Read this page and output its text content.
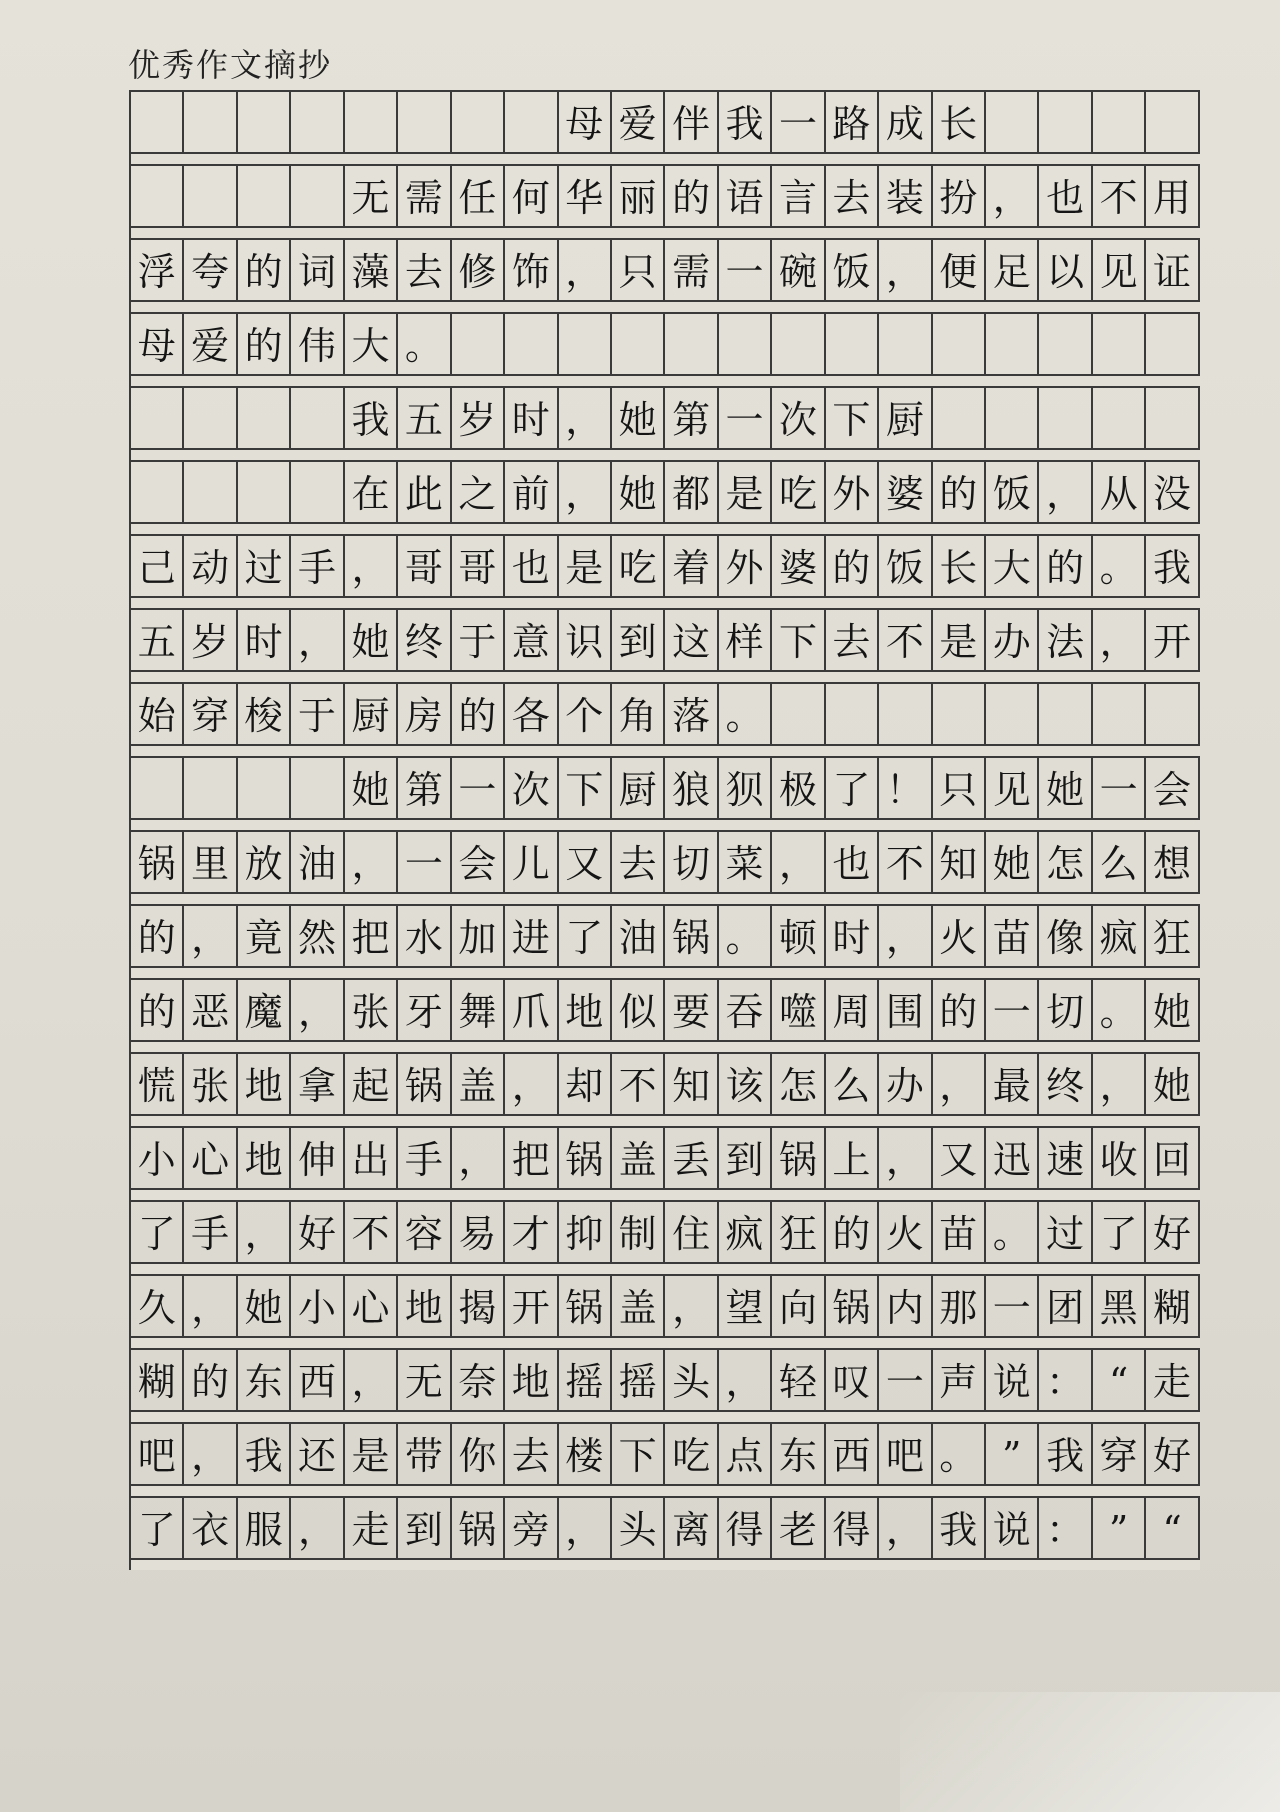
优秀作文摘抄
母 爱 伴 我 一 路 成 长
无 需 任 何 华 丽 的 语 言 去 装 扮 ， 也 不 用
浮 夸 的 词 藻 去 修 饰 ， 只 需 一 碗 饭 ， 便 足 以 见 证
母 爱 的 伟 大 。
我 五 岁 时 ， 她 第 一 次 下 厨
在 此 之 前 ， 她 都 是 吃 外 婆 的 饭 ， 从 没
己 动 过 手 ， 哥 哥 也 是 吃 着 外 婆 的 饭 长 大 的 。 我
五 岁 时 ， 她 终 于 意 识 到 这 样 下 去 不 是 办 法 ， 开
始 穿 梭 于 厨 房 的 各 个 角 落 。
她 第 一 次 下 厨 狼 狈 极 了 ！ 只 见 她 一 会
锅 里 放 油 ， 一 会 儿 又 去 切 菜 ， 也 不 知 她 怎 么 想
的 ， 竟 然 把 水 加 进 了 油 锅 。 顿 时 ， 火 苗 像 疯 狂
的 恶 魔 ， 张 牙 舞 爪 地 似 要 吞 噬 周 围 的 一 切 。 她
慌 张 地 拿 起 锅 盖 ， 却 不 知 该 怎 么 办 ， 最 终 ， 她
小 心 地 伸 出 手 ， 把 锅 盖 丢 到 锅 上 ， 又 迅 速 收 回
了 手 ， 好 不 容 易 才 抑 制 住 疯 狂 的 火 苗 。 过 了 好
久 ， 她 小 心 地 揭 开 锅 盖 ， 望 向 锅 内 那 一 团 黑 糊
糊 的 东 西 ， 无 奈 地 摇 摇 头 ， 轻 叹 一 声 说 ： “ 走
吧 ， 我 还 是 带 你 去 楼 下 吃 点 东 西 吧 。 ” 我 穿 好
了 衣 服 ， 走 到 锅 旁 ， 头 离 得 老 得 ， 我 说 ： ” “
